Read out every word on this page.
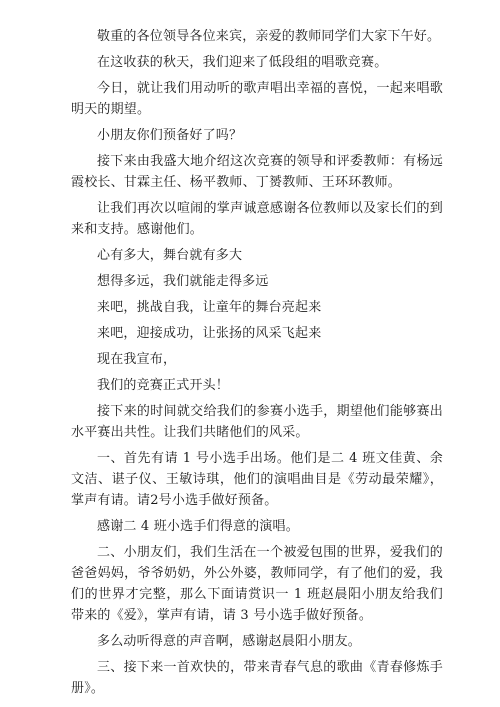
敬重的各位领导各位来宾，亲爱的教师同学们大家下午好。

在这收获的秋天，我们迎来了低段组的唱歌竞赛。

今日，就让我们用动听的歌声唱出幸福的喜悦，一起来唱歌明天的期望。

小朋友你们预备好了吗？

接下来由我盛大地介绍这次竞赛的领导和评委教师：有杨远霞校长、甘霖主任、杨平教师、丁赟教师、王环环教师。

让我们再次以喧闹的掌声诚意感谢各位教师以及家长们的到来和支持。感谢他们。

心有多大，舞台就有多大

想得多远，我们就能走得多远

来吧，挑战自我，让童年的舞台亮起来

来吧，迎接成功，让张扬的风采飞起来

现在我宣布，

我们的竞赛正式开头！

接下来的时间就交给我们的参赛小选手，期望他们能够赛出水平赛出共性。让我们共睹他们的风采。

一、首先有请 1 号小选手出场。他们是二 4 班文佳黄、余文洁、谌子仪、王敏诗琪，他们的演唱曲目是《劳动最荣耀》，掌声有请。请2号小选手做好预备。

感谢二 4 班小选手们得意的演唱。

二、小朋友们，我们生活在一个被爱包围的世界，爱我们的爸爸妈妈，爷爷奶奶，外公外婆，教师同学，有了他们的爱，我们的世界才完整，那么下面请赏识一 1 班赵晨阳小朋友给我们带来的《爱》，掌声有请，请 3 号小选手做好预备。

多么动听得意的声音啊，感谢赵晨阳小朋友。

三、接下来一首欢快的，带来青春气息的歌曲《青春修炼手册》。
